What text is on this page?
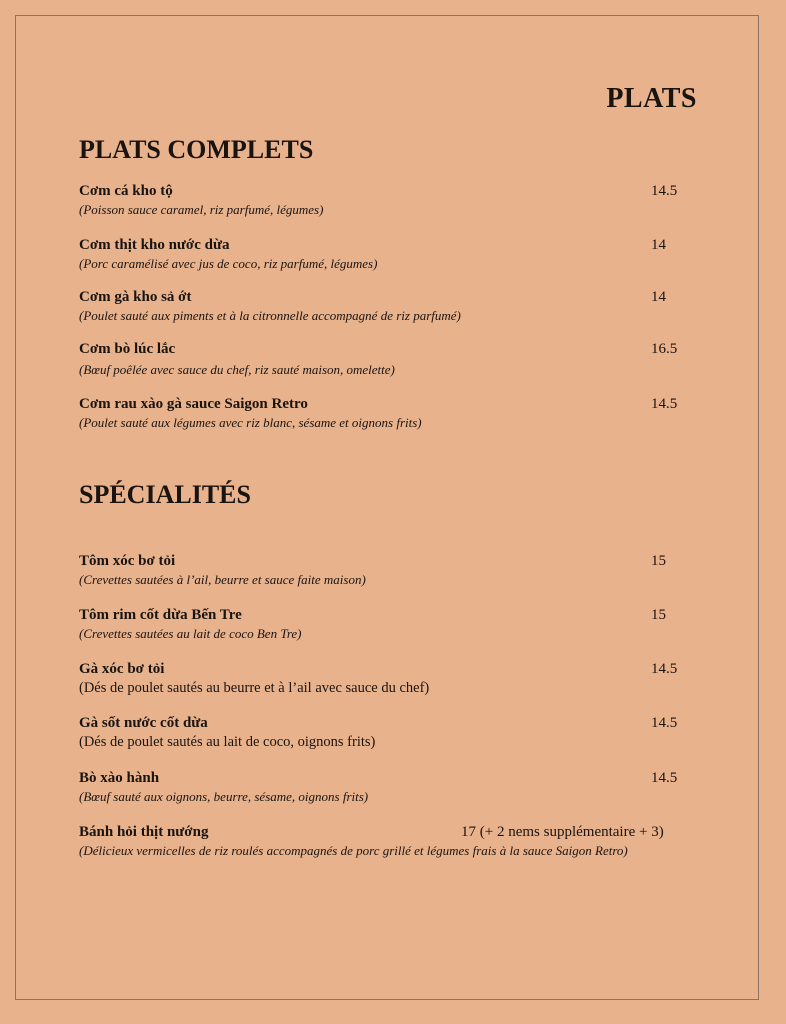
PLATS
PLATS COMPLETS
Cơm cá kho tộ	14.5
(Poisson sauce caramel, riz parfumé, légumes)
Cơm thịt kho nước dừa	14
(Porc caramélisé avec jus de coco, riz parfumé, légumes)
Cơm gà kho sả ớt	14
(Poulet sauté aux piments et à la citronnelle accompagné de riz parfumé)
Cơm bò lúc lắc	16.5
(Bœuf poêlée avec sauce du chef, riz sauté maison, omelette)
Cơm rau xào gà sauce Saigon Retro	14.5
(Poulet sauté aux légumes avec riz blanc, sésame et oignons frits)
SPÉCIALITÉS
Tôm xóc bơ tỏi	15
(Crevettes sautées à l’ail, beurre et sauce faite maison)
Tôm rim cốt dừa Bến Tre	15
(Crevettes sautées au lait de coco Ben Tre)
Gà xóc bơ tỏi	14.5
(Dés de poulet sautés au beurre et à l’ail avec sauce du chef)
Gà sốt nước cốt dừa	14.5
(Dés de poulet sautés au lait de coco, oignons frits)
Bò xào hành	14.5
(Bœuf sauté aux oignons, beurre, sésame, oignons frits)
Bánh hỏi thịt nướng	17 (+ 2 nems supplémentaire + 3)
(Délicieux vermicelles de riz roulés accompagnés de porc grillé et légumes frais à la sauce Saigon Retro)
